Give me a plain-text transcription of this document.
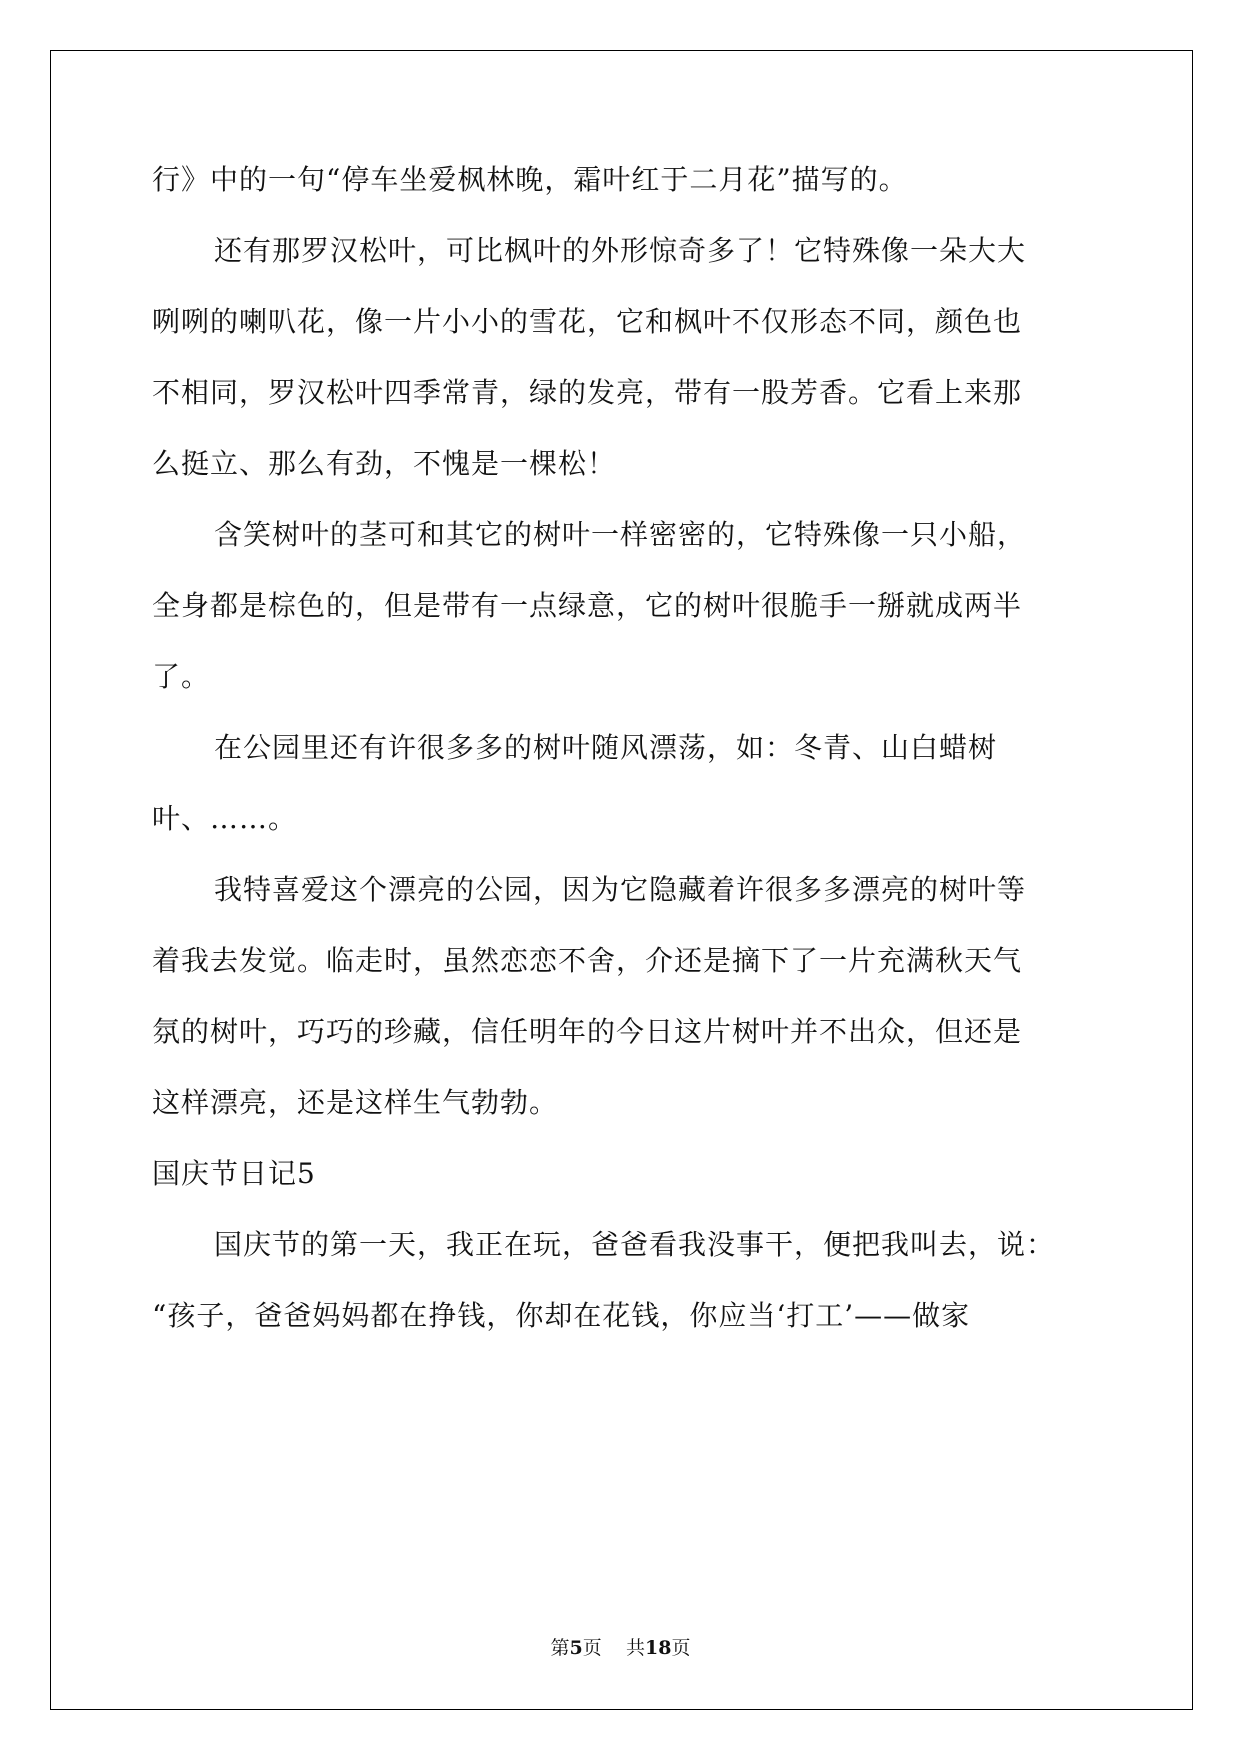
行》中的一句“停车坐爱枫林晚，霜叶红于二月花”描写的。
还有那罗汉松叶，可比枫叶的外形惊奇多了！它特殊像一朵大大
咧咧的喇叭花，像一片小小的雪花，它和枫叶不仅形态不同，颜色也
不相同，罗汉松叶四季常青，绿的发亮，带有一股芳香。它看上来那
么挺立、那么有劲，不愧是一棵松！
含笑树叶的茎可和其它的树叶一样密密的，它特殊像一只小船，
全身都是棕色的，但是带有一点绿意，它的树叶很脆手一掰就成两半
了。
在公园里还有许很多多的树叶随风漂荡，如：冬青、山白蜡树
叶、……。
我特喜爱这个漂亮的公园，因为它隐藏着许很多多漂亮的树叶等
着我去发觉。临走时，虽然恋恋不舍，介还是摘下了一片充满秋天气
氛的树叶，巧巧的珍藏，信任明年的今日这片树叶并不出众，但还是
这样漂亮，还是这样生气勃勃。
国庆节日记5
国庆节的第一天，我正在玩，爸爸看我没事干，便把我叫去，说：
“孩子，爸爸妈妈都在挣钱，你却在花钱，你应当‘打工’——做家
第5页 共18页
